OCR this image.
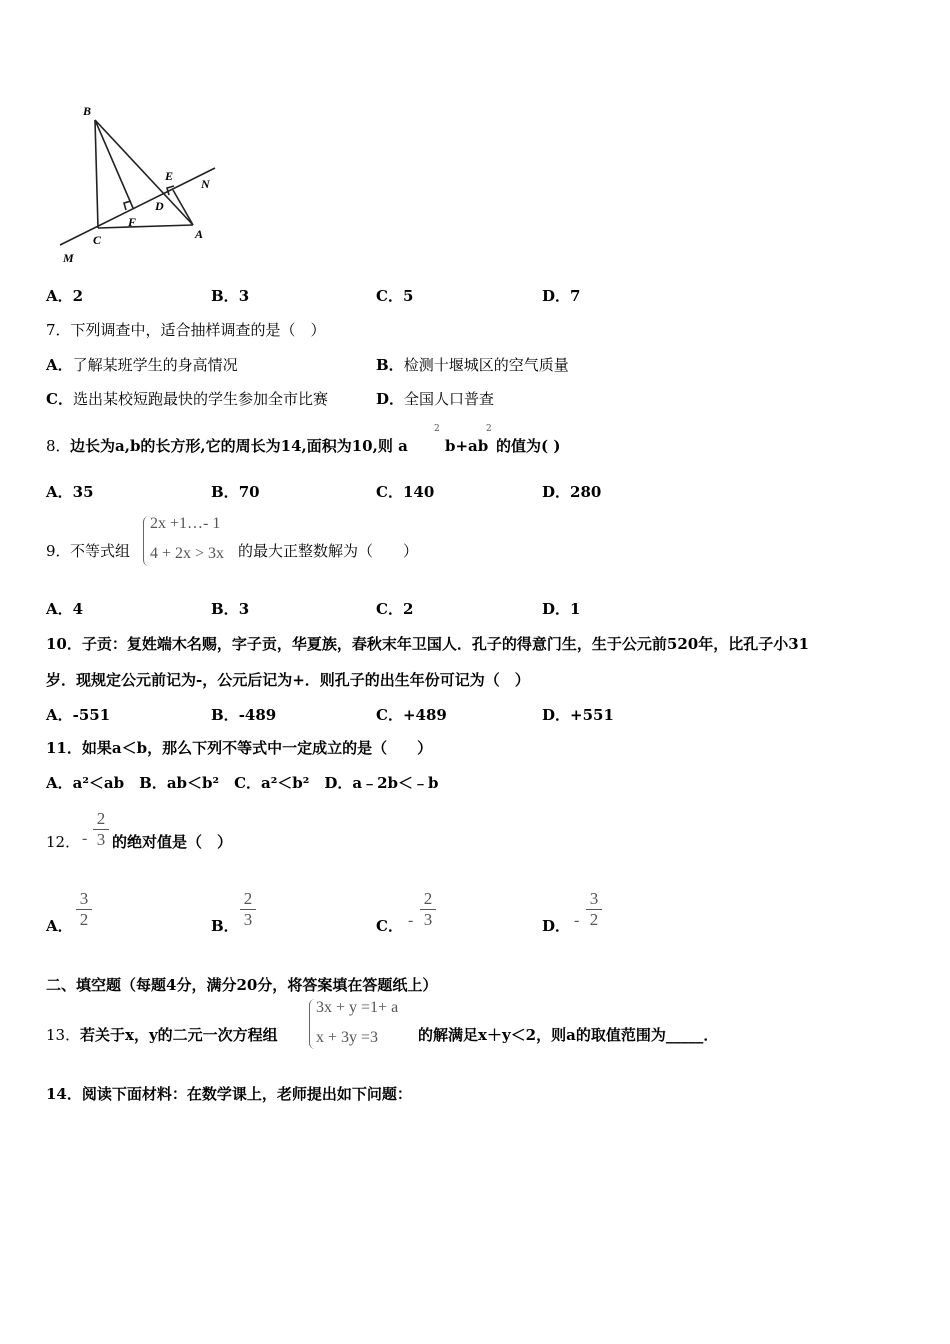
B
E
N
D
F
C	A
M
A．2	B．3	C．5	D．7
7．下列调查中，适合抽样调查的是（　）
A．了解某班学生的身高情况	B．检测十堰城区的空气质量
C．选出某校短跑最快的学生参加全市比赛	D．全国人口普查
8． 边长为a,b的长方形,它的周长为14,面积为10,则 a
2
b+ab
2
的值为( )
A．35	B．70	C．140	D．280
9． 不等式组
2x +1…- 1
4 + 2x > 3x 的最大正整数解为（　　）
A．4	B．3	C．2	D．1
10．子贡：复姓端木名赐，字子贡，华夏族，春秋末年卫国人．孔子的得意门生，生于公元前520年，比孔子小31
岁．现规定公元前记为-，公元后记为+．则孔子的出生年份可记为（　）
A．-551	B．-489	C．+489	D．+551
11．如果a＜b，那么下列不等式中一定成立的是（　　）
A．a²＜ab　B．ab＜b²　C．a²＜b²　D．a﹣2b＜﹣b
12． -
2
3 的绝对值是（　）
A．
3
2	B．
2
3	C． -
2
3	D． -
3
2
二、填空题（每题4分，满分20分，将答案填在答题纸上）
13． 若关于x，y的二元一次方程组
3x + y =1+ a
x + 3y =3	的解满足x＋y＜2，则a的取值范围为_____．
14．阅读下面材料：在数学课上，老师提出如下问题：
